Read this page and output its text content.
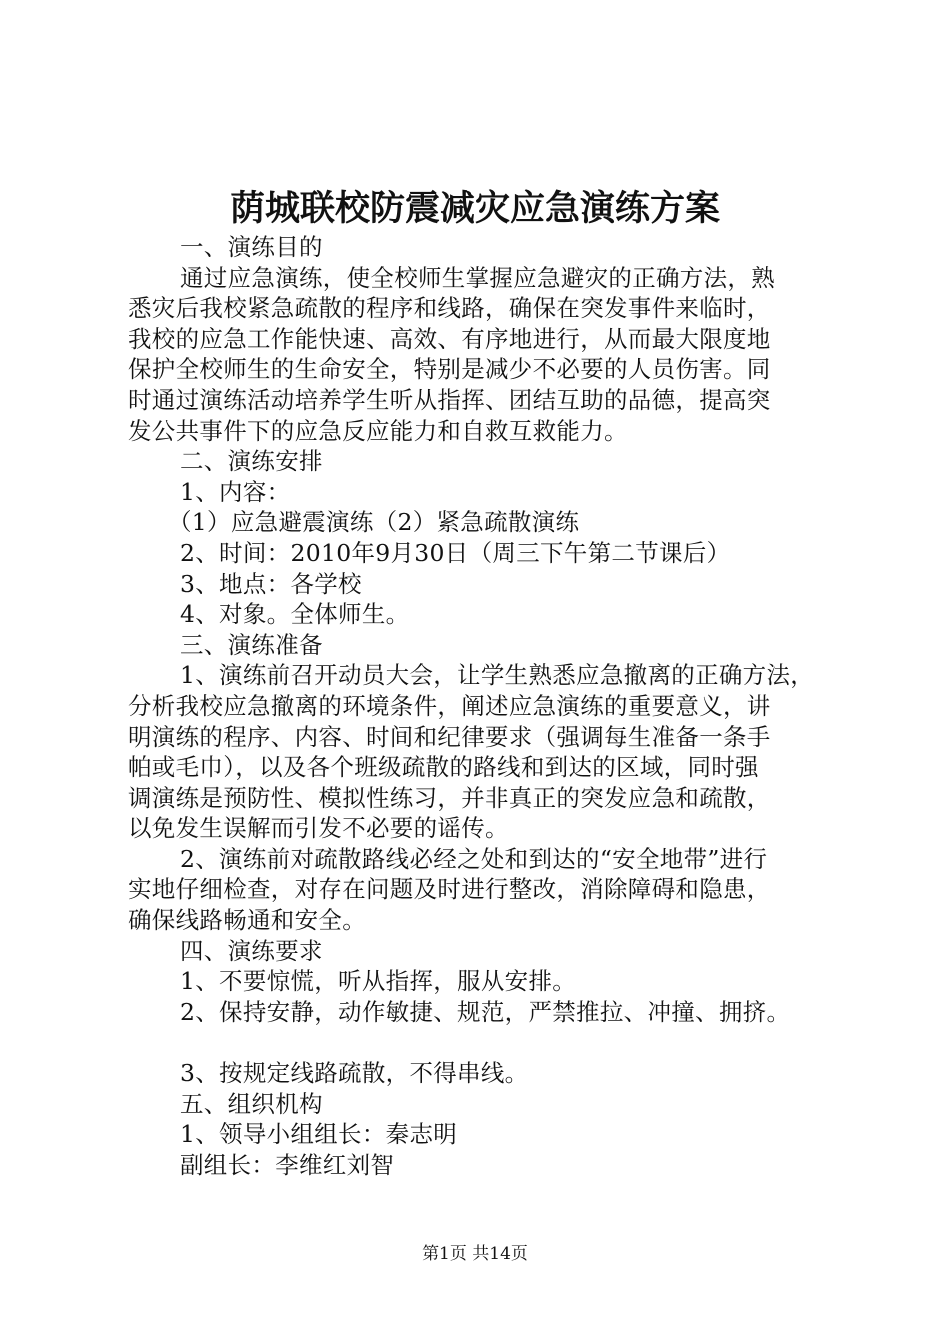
荫城联校防震减灾应急演练方案
一、演练目的
通过应急演练，使全校师生掌握应急避灾的正确方法，熟
悉灾后我校紧急疏散的程序和线路，确保在突发事件来临时，
我校的应急工作能快速、高效、有序地进行，从而最大限度地
保护全校师生的生命安全，特别是减少不必要的人员伤害。同
时通过演练活动培养学生听从指挥、团结互助的品德，提高突
发公共事件下的应急反应能力和自救互救能力。
二、演练安排
1、内容：
（1）应急避震演练（2）紧急疏散演练
2、时间：2010年9月30日（周三下午第二节课后）
3、地点：各学校
4、对象。全体师生。
三、演练准备
1、演练前召开动员大会，让学生熟悉应急撤离的正确方法，
分析我校应急撤离的环境条件，阐述应急演练的重要意义，讲
明演练的程序、内容、时间和纪律要求（强调每生准备一条手
帕或毛巾），以及各个班级疏散的路线和到达的区域，同时强
调演练是预防性、模拟性练习，并非真正的突发应急和疏散，
以免发生误解而引发不必要的谣传。
2、演练前对疏散路线必经之处和到达的“安全地带”进行
实地仔细检查，对存在问题及时进行整改，消除障碍和隐患，
确保线路畅通和安全。
四、演练要求
1、不要惊慌，听从指挥，服从安排。
2、保持安静，动作敏捷、规范，严禁推拉、冲撞、拥挤。
3、按规定线路疏散，不得串线。
五、组织机构
1、领导小组组长：秦志明
副组长：李维红刘智
第1页 共14页
